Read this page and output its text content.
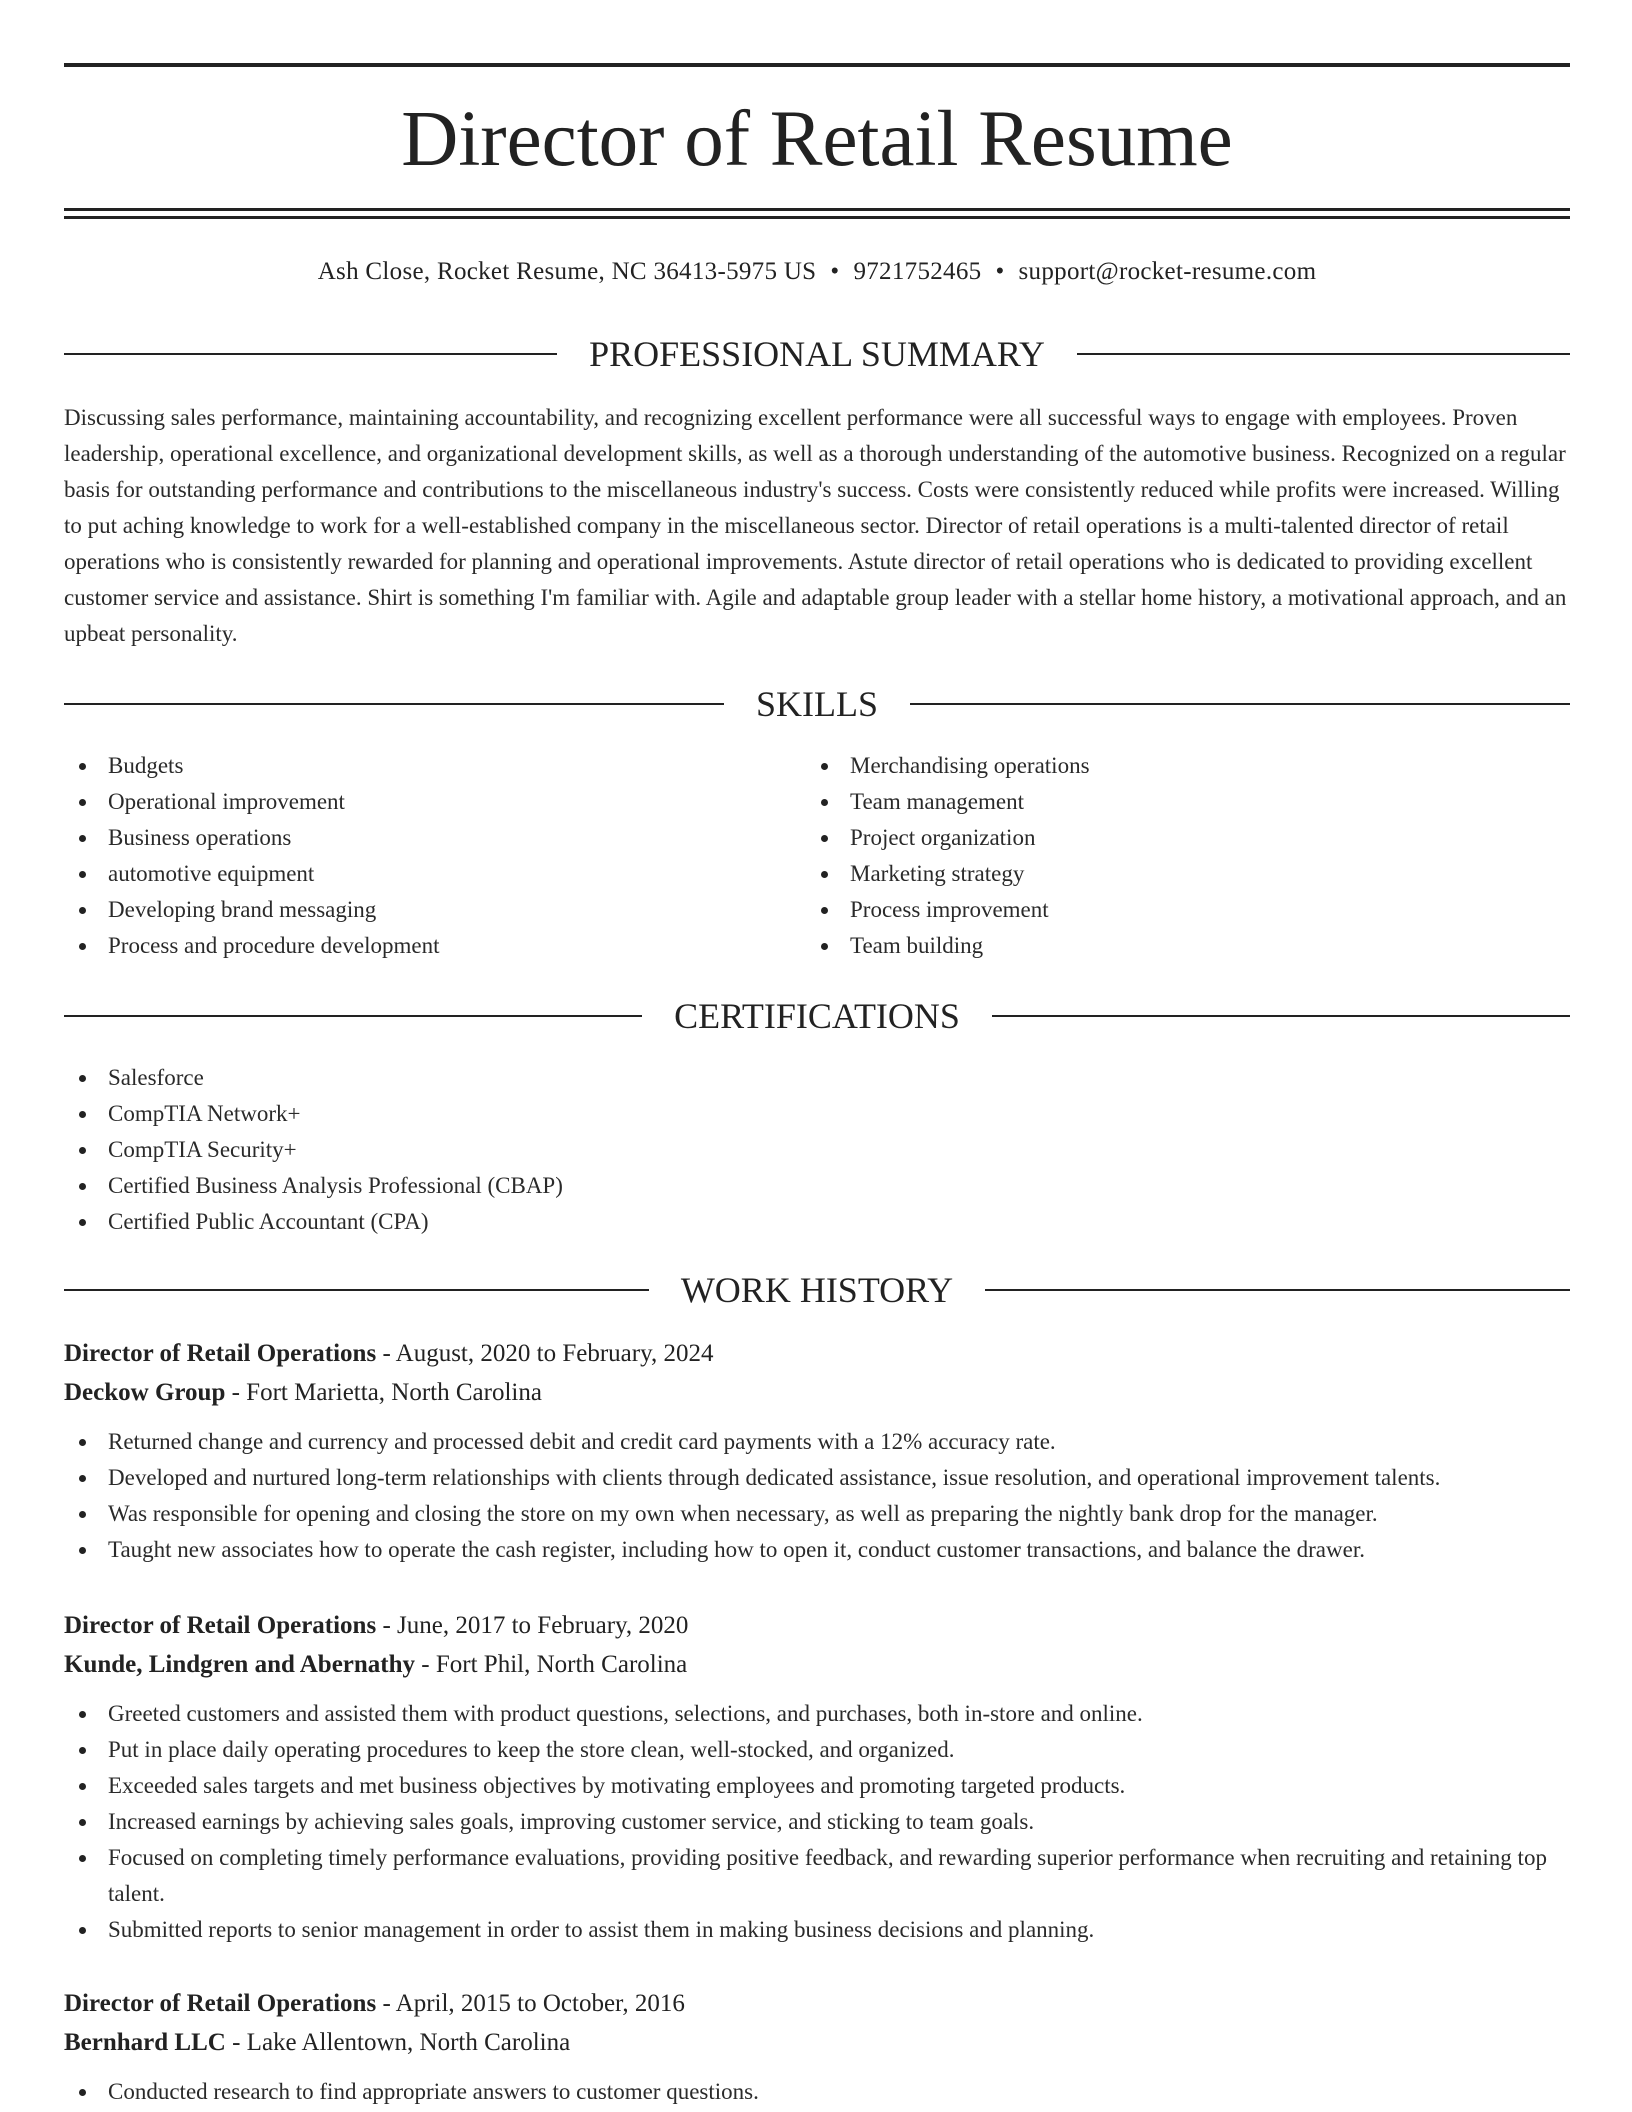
Director of Retail Resume
Ash Close, Rocket Resume, NC 36413-5975 US • 9721752465 • support@rocket-resume.com
PROFESSIONAL SUMMARY

Discussing sales performance, maintaining accountability, and recognizing excellent performance were all successful ways to engage with employees. Proven leadership, operational excellence, and organizational development skills, as well as a thorough understanding of the automotive business. Recognized on a regular basis for outstanding performance and contributions to the miscellaneous industry's success. Costs were consistently reduced while profits were increased. Willing to put aching knowledge to work for a well-established company in the miscellaneous sector. Director of retail operations is a multi-talented director of retail operations who is consistently rewarded for planning and operational improvements. Astute director of retail operations who is dedicated to providing excellent customer service and assistance. Shirt is something I'm familiar with. Agile and adaptable group leader with a stellar home history, a motivational approach, and an upbeat personality.

SKILLS
Budgets
Operational improvement
Business operations
automotive equipment
Developing brand messaging
Process and procedure development
Merchandising operations
Team management
Project organization
Marketing strategy
Process improvement
Team building
CERTIFICATIONS
Salesforce
CompTIA Network+
CompTIA Security+
Certified Business Analysis Professional (CBAP)
Certified Public Accountant (CPA)
WORK HISTORY
Director of Retail Operations - August, 2020 to February, 2024
Deckow Group - Fort Marietta, North Carolina
Returned change and currency and processed debit and credit card payments with a 12% accuracy rate.
Developed and nurtured long-term relationships with clients through dedicated assistance, issue resolution, and operational improvement talents.
Was responsible for opening and closing the store on my own when necessary, as well as preparing the nightly bank drop for the manager.
Taught new associates how to operate the cash register, including how to open it, conduct customer transactions, and balance the drawer.
Director of Retail Operations - June, 2017 to February, 2020
Kunde, Lindgren and Abernathy - Fort Phil, North Carolina
Greeted customers and assisted them with product questions, selections, and purchases, both in-store and online.
Put in place daily operating procedures to keep the store clean, well-stocked, and organized.
Exceeded sales targets and met business objectives by motivating employees and promoting targeted products.
Increased earnings by achieving sales goals, improving customer service, and sticking to team goals.
Focused on completing timely performance evaluations, providing positive feedback, and rewarding superior performance when recruiting and retaining top talent.
Submitted reports to senior management in order to assist them in making business decisions and planning.
Director of Retail Operations - April, 2015 to October, 2016
Bernhard LLC - Lake Allentown, North Carolina
Conducted research to find appropriate answers to customer questions.
